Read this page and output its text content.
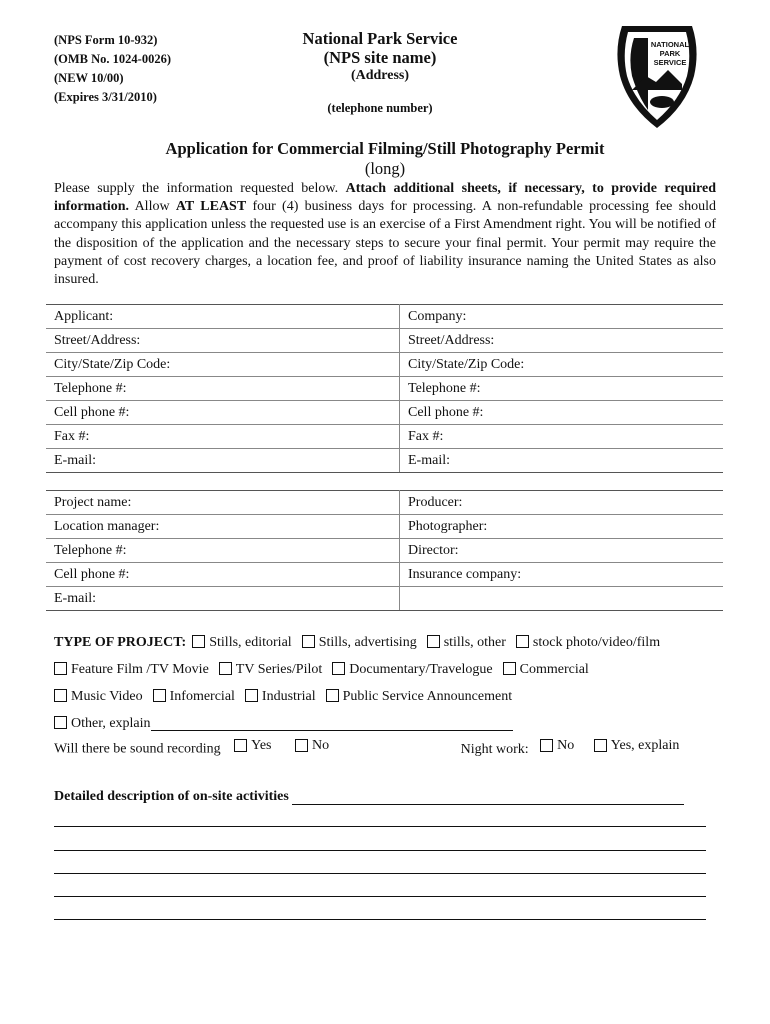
(NPS Form 10-932)
(OMB No. 1024-0026)
(NEW 10/00)
(Expires 3/31/2010)
National Park Service
(NPS site name)
(Address)
(telephone number)
NATIONAL
PARK
SERVICE
Application for Commercial Filming/Still Photography Permit
(long)
Please supply the information requested below. Attach additional sheets, if necessary, to provide required information. Allow AT LEAST four (4) business days for processing. A non-refundable processing fee should accompany this application unless the requested use is an exercise of a First Amendment right. You will be notified of the disposition of the application and the necessary steps to secure your final permit. Your permit may require the payment of cost recovery charges, a location fee, and proof of liability insurance naming the United States as also insured.
Applicant:	Company:
Street/Address:	Street/Address:
City/State/Zip Code:	City/State/Zip Code:
Telephone #:	Telephone #:
Cell phone #:	Cell phone #:
Fax #:	Fax #:
E-mail:	E-mail:
Project name:	Producer:
Location manager:	Photographer:
Telephone #:	Director:
Cell phone #:	Insurance company:
E-mail:	
TYPE OF PROJECT: Stills, editorial Stills, advertising stills, other stock photo/video/film
Feature Film /TV Movie TV Series/Pilot Documentary/Travelogue Commercial
Music Video Infomercial Industrial Public Service Announcement
Other, explain
Will there be sound recording Yes
	No	Night work: No
	Yes, explain
Detailed description of on-site activities
